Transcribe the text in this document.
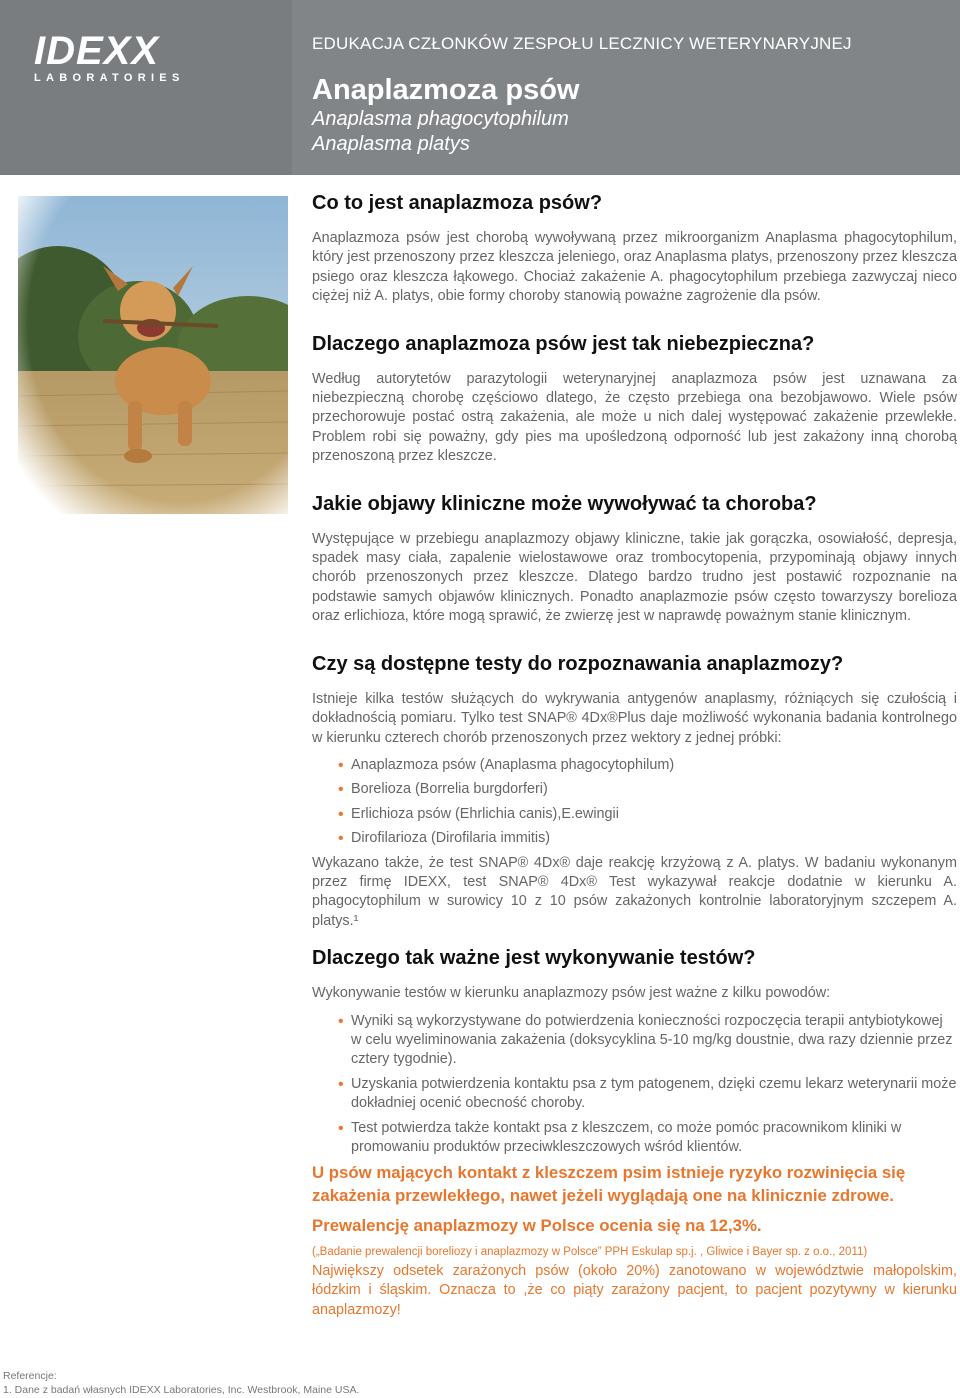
IDEXX
LABORATORIES
EDUKACJA CZŁONKÓW ZESPOŁU LECZNICY WETERYNARYJNEJ
Anaplazmoza psów
Anaplasma phagocytophilum
Anaplasma platys
Co to jest anaplazmoza psów?

Anaplazmoza psów jest chorobą wywoływaną przez mikroorganizm Anaplasma phagocytophilum, który jest przenoszony przez kleszcza jeleniego, oraz Anaplasma platys, przenoszony przez kleszcza psiego oraz kleszcza łąkowego. Chociaż zakażenie A. phagocytophilum przebiega zazwyczaj nieco ciężej niż A. platys, obie formy choroby stanowią poważne zagrożenie dla psów.

Dlaczego anaplazmoza psów jest tak niebezpieczna?

Według autorytetów parazytologii weterynaryjnej anaplazmoza psów jest uznawana za niebezpieczną chorobę częściowo dlatego, że często przebiega ona bezobjawowo. Wiele psów przechorowuje postać ostrą zakażenia, ale może u nich dalej występować zakażenie przewlekłe. Problem robi się poważny, gdy pies ma upośledzoną odporność lub jest zakażony inną chorobą przenoszoną przez kleszcze.

Jakie objawy kliniczne może wywoływać ta choroba?

Występujące w przebiegu anaplazmozy objawy kliniczne, takie jak gorączka, osowiałość, depresja, spadek masy ciała, zapalenie wielostawowe oraz trombocytopenia, przypominają objawy innych chorób przenoszonych przez kleszcze. Dlatego bardzo trudno jest postawić rozpoznanie na podstawie samych objawów klinicznych. Ponadto anaplazmozie psów często towarzyszy borelioza oraz erlichioza, które mogą sprawić, że zwierzę jest w naprawdę poważnym stanie klinicznym.

Czy są dostępne testy do rozpoznawania anaplazmozy?

Istnieje kilka testów służących do wykrywania antygenów anaplasmy, różniących się czułością i dokładnością pomiaru. Tylko test SNAP® 4Dx®Plus daje możliwość wykonania badania kontrolnego w kierunku czterech chorób przenoszonych przez wektory z jednej próbki:

• Anaplazmoza psów (Anaplasma phagocytophilum)
• Borelioza (Borrelia burgdorferi)
• Erlichioza psów (Ehrlichia canis),E.ewingii
• Dirofilarioza (Dirofilaria immitis)

Wykazano także, że test SNAP® 4Dx® daje reakcję krzyżową z A. platys. W badaniu wykonanym przez firmę IDEXX, test SNAP® 4Dx® Test wykazywał reakcje dodatnie w kierunku A. phagocytophilum w surowicy 10 z 10 psów zakażonych kontrolnie laboratoryjnym szczepem A. platys.¹

Dlaczego tak ważne jest wykonywanie testów?

Wykonywanie testów w kierunku anaplazmozy psów jest ważne z kilku powodów:

• Wyniki są wykorzystywane do potwierdzenia konieczności rozpoczęcia terapii antybiotykowej w celu wyeliminowania zakażenia (doksycyklina 5-10 mg/kg doustnie, dwa razy dziennie przez cztery tygodnie).
• Uzyskania potwierdzenia kontaktu psa z tym patogenem, dzięki czemu lekarz weterynarii może dokładniej ocenić obecność choroby.
• Test potwierdza także kontakt psa z kleszczem, co może pomóc pracownikom kliniki w promowaniu produktów przeciwkleszczowych wśród klientów.
U psów mających kontakt z kleszczem psim istnieje ryzyko rozwinięcia się zakażenia przewlekłego, nawet jeżeli wyglądają one na klinicznie zdrowe.
Prewalencję anaplazmozy w Polsce ocenia się na 12,3%.
(„Badanie prewalencji boreliozy i anaplazmozy w Polsce” PPH Eskulap sp.j. , Gliwice i Bayer sp. z o.o., 2011)

Największy odsetek zarażonych psów (około 20%) zanotowano w województwie małopolskim, łódzkim i śląskim. Oznacza to ,że co piąty zarażony pacjent, to pacjent pozytywny w kierunku anaplazmozy!

Referencje:
1. Dane z badań własnych IDEXX Laboratories, Inc. Westbrook, Maine USA.
